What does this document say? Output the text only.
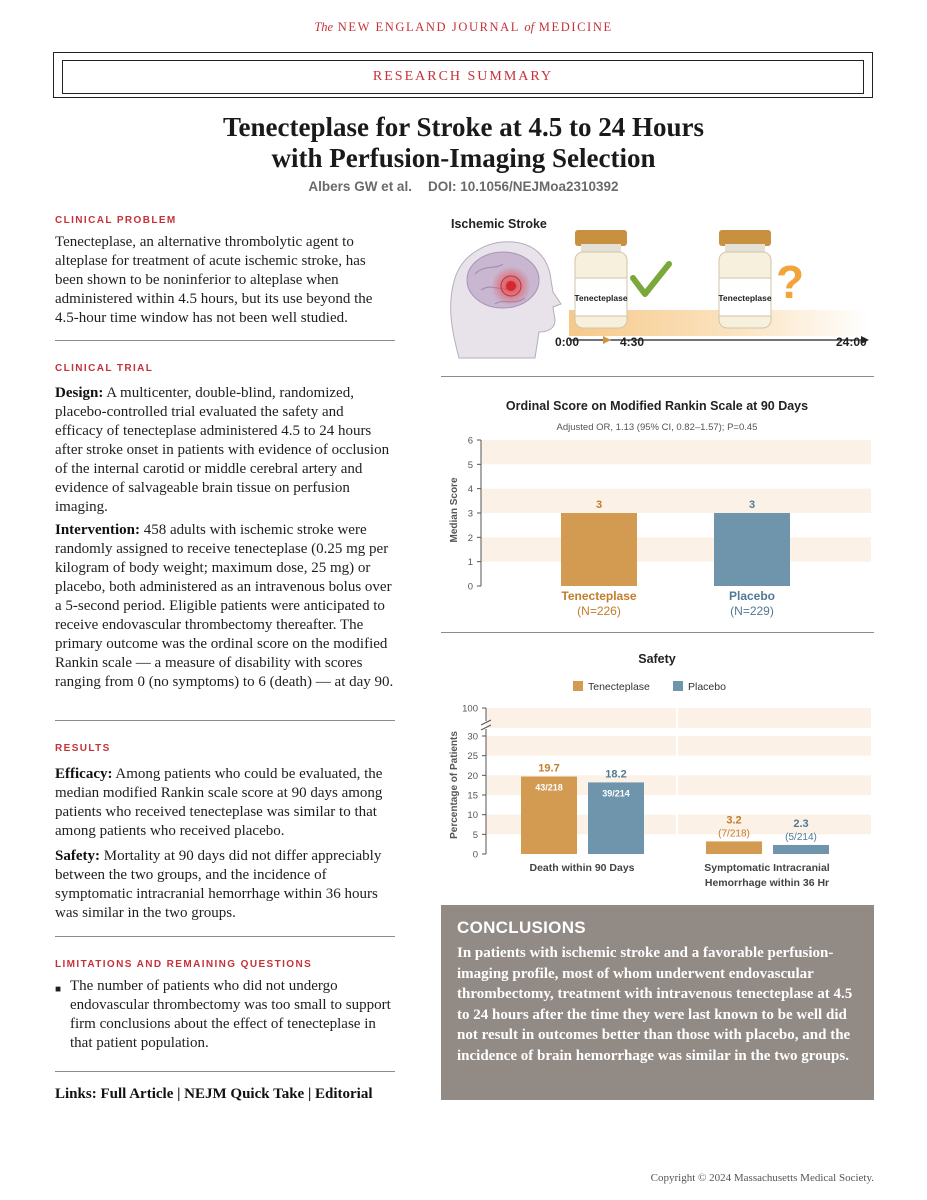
The NEW ENGLAND JOURNAL of MEDICINE
RESEARCH SUMMARY
Tenecteplase for Stroke at 4.5 to 24 Hours
with Perfusion-Imaging Selection
Albers GW et al. DOI: 10.1056/NEJMoa2310392
CLINICAL PROBLEM
Tenecteplase, an alternative thrombolytic agent to alteplase for treatment of acute ischemic stroke, has been shown to be noninferior to alteplase when administered within 4.5 hours, but its use beyond the 4.5-hour time window has not been well studied.
CLINICAL TRIAL
Design: A multicenter, double-blind, randomized, placebo-controlled trial evaluated the safety and efficacy of tenecteplase administered 4.5 to 24 hours after stroke onset in patients with evidence of occlusion of the internal carotid or middle cerebral artery and evidence of salvageable brain tissue on perfusion imaging.
Intervention: 458 adults with ischemic stroke were randomly assigned to receive tenecteplase (0.25 mg per kilogram of body weight; maximum dose, 25 mg) or placebo, both administered as an intravenous bolus over a 5-second period. Eligible patients were anticipated to receive endovascular thrombectomy thereafter. The primary outcome was the ordinal score on the modified Rankin scale — a measure of disability with scores ranging from 0 (no symptoms) to 6 (death) — at day 90.
RESULTS
Efficacy: Among patients who could be evaluated, the median modified Rankin scale score at 90 days among patients who received tenecteplase was similar to that among patients who received placebo.
Safety: Mortality at 90 days did not differ appreciably between the two groups, and the incidence of symptomatic intracranial hemorrhage within 36 hours was similar in the two groups.
LIMITATIONS AND REMAINING QUESTIONS
■ The number of patients who did not undergo endovascular thrombectomy was too small to support firm conclusions about the effect of tenecteplase in that patient population.
Links: Full Article | NEJM Quick Take | Editorial
Ischemic Stroke
0:00	4:30	24:00
Tenecteplase	Tenecteplase ?
Ordinal Score on Modified Rankin Scale at 90 Days
Adjusted OR, 1.13 (95% CI, 0.82–1.57); P=0.45
Median Score
0
1
2
3
4
5
6
3	3
Tenecteplase
(N=226)
Placebo
(N=229)
Safety
Tenecteplase	Placebo
Percentage of Patients
0
5
10
15
20
25
30
100
19.7
43/218
3.2
(7/218)
18.2
39/214
2.3
(5/214)
Death within 90 Days	Symptomatic Intracranial
Hemorrhage within 36 Hr
CONCLUSIONS

In patients with ischemic stroke and a favorable perfusion-imaging profile, most of whom underwent endovascular thrombectomy, treatment with intravenous tenecteplase at 4.5 to 24 hours after the time they were last known to be well did not result in outcomes better than those with placebo, and the incidence of brain hemorrhage was similar in the two groups.

Copyright © 2024 Massachusetts Medical Society.
